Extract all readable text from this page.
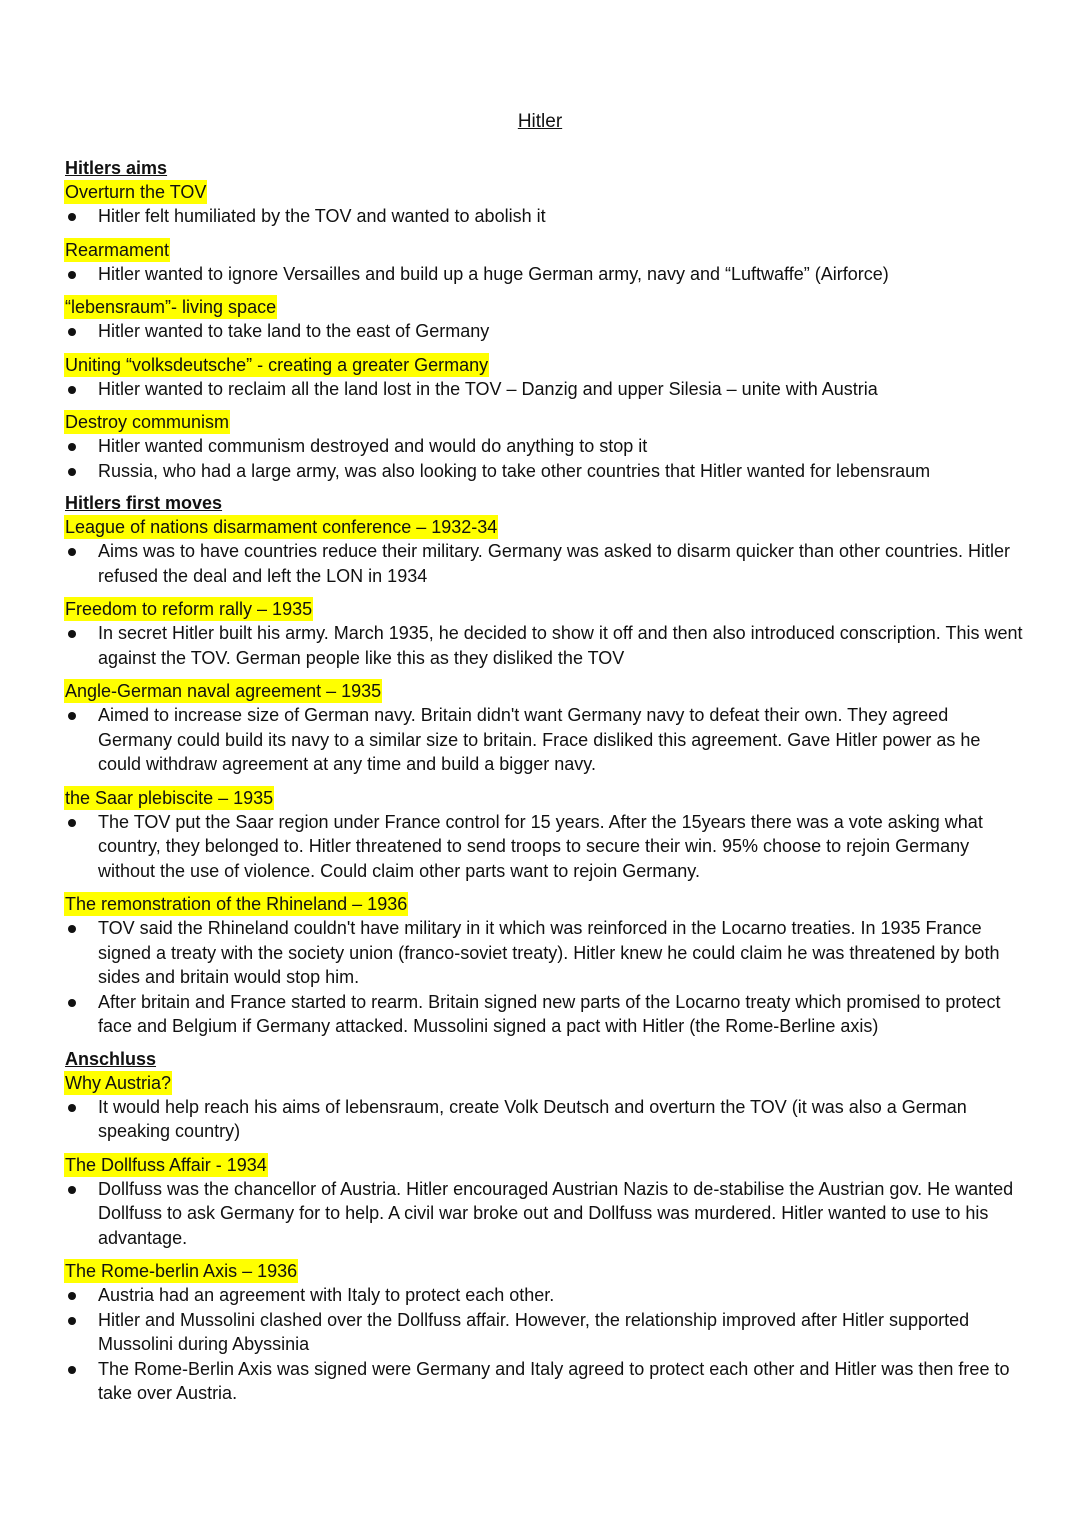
Hitler
Hitlers aims
Overturn the TOV
Hitler felt humiliated by the TOV and wanted to abolish it
Rearmament
Hitler wanted to ignore Versailles and build up a huge German army, navy and “Luftwaffe” (Airforce)
“lebensraum”- living space
Hitler wanted to take land to the east of Germany
Uniting “volksdeutsche” - creating a greater Germany
Hitler wanted to reclaim all the land lost in the TOV – Danzig and upper Silesia – unite with Austria
Destroy communism
Hitler wanted communism destroyed and would do anything to stop it
Russia, who had a large army, was also looking to take other countries that Hitler wanted for lebensraum
Hitlers first moves
League of nations disarmament conference – 1932-34
Aims was to have countries reduce their military. Germany was asked to disarm quicker than other countries. Hitler refused the deal and left the LON in 1934
Freedom to reform rally – 1935
In secret Hitler built his army. March 1935, he decided to show it off and then also introduced conscription. This went against the TOV. German people like this as they disliked the TOV
Angle-German naval agreement – 1935
Aimed to increase size of German navy. Britain didn't want Germany navy to defeat their own. They agreed Germany could build its navy to a similar size to britain. Frace disliked this agreement. Gave Hitler power as he could withdraw agreement at any time and build a bigger navy.
the Saar plebiscite – 1935
The TOV put the Saar region under France control for 15 years. After the 15years there was a vote asking what country, they belonged to. Hitler threatened to send troops to secure their win. 95% choose to rejoin Germany without the use of violence. Could claim other parts want to rejoin Germany.
The remonstration of the Rhineland – 1936
TOV said the Rhineland couldn't have military in it which was reinforced in the Locarno treaties. In 1935 France signed a treaty with the society union (franco-soviet treaty). Hitler knew he could claim he was threatened by both sides and britain would stop him.
After britain and France started to rearm. Britain signed new parts of the Locarno treaty which promised to protect face and Belgium if Germany attacked. Mussolini signed a pact with Hitler (the Rome-Berline axis)
Anschluss
Why Austria?
It would help reach his aims of lebensraum, create Volk Deutsch and overturn the TOV (it was also a German speaking country)
The Dollfuss Affair - 1934
Dollfuss was the chancellor of Austria. Hitler encouraged Austrian Nazis to de-stabilise the Austrian gov. He wanted Dollfuss to ask Germany for to help. A civil war broke out and Dollfuss was murdered. Hitler wanted to use to his advantage.
The Rome-berlin Axis – 1936
Austria had an agreement with Italy to protect each other.
Hitler and Mussolini clashed over the Dollfuss affair. However, the relationship improved after Hitler supported Mussolini during Abyssinia
The Rome-Berlin Axis was signed were Germany and Italy agreed to protect each other and Hitler was then free to take over Austria.
